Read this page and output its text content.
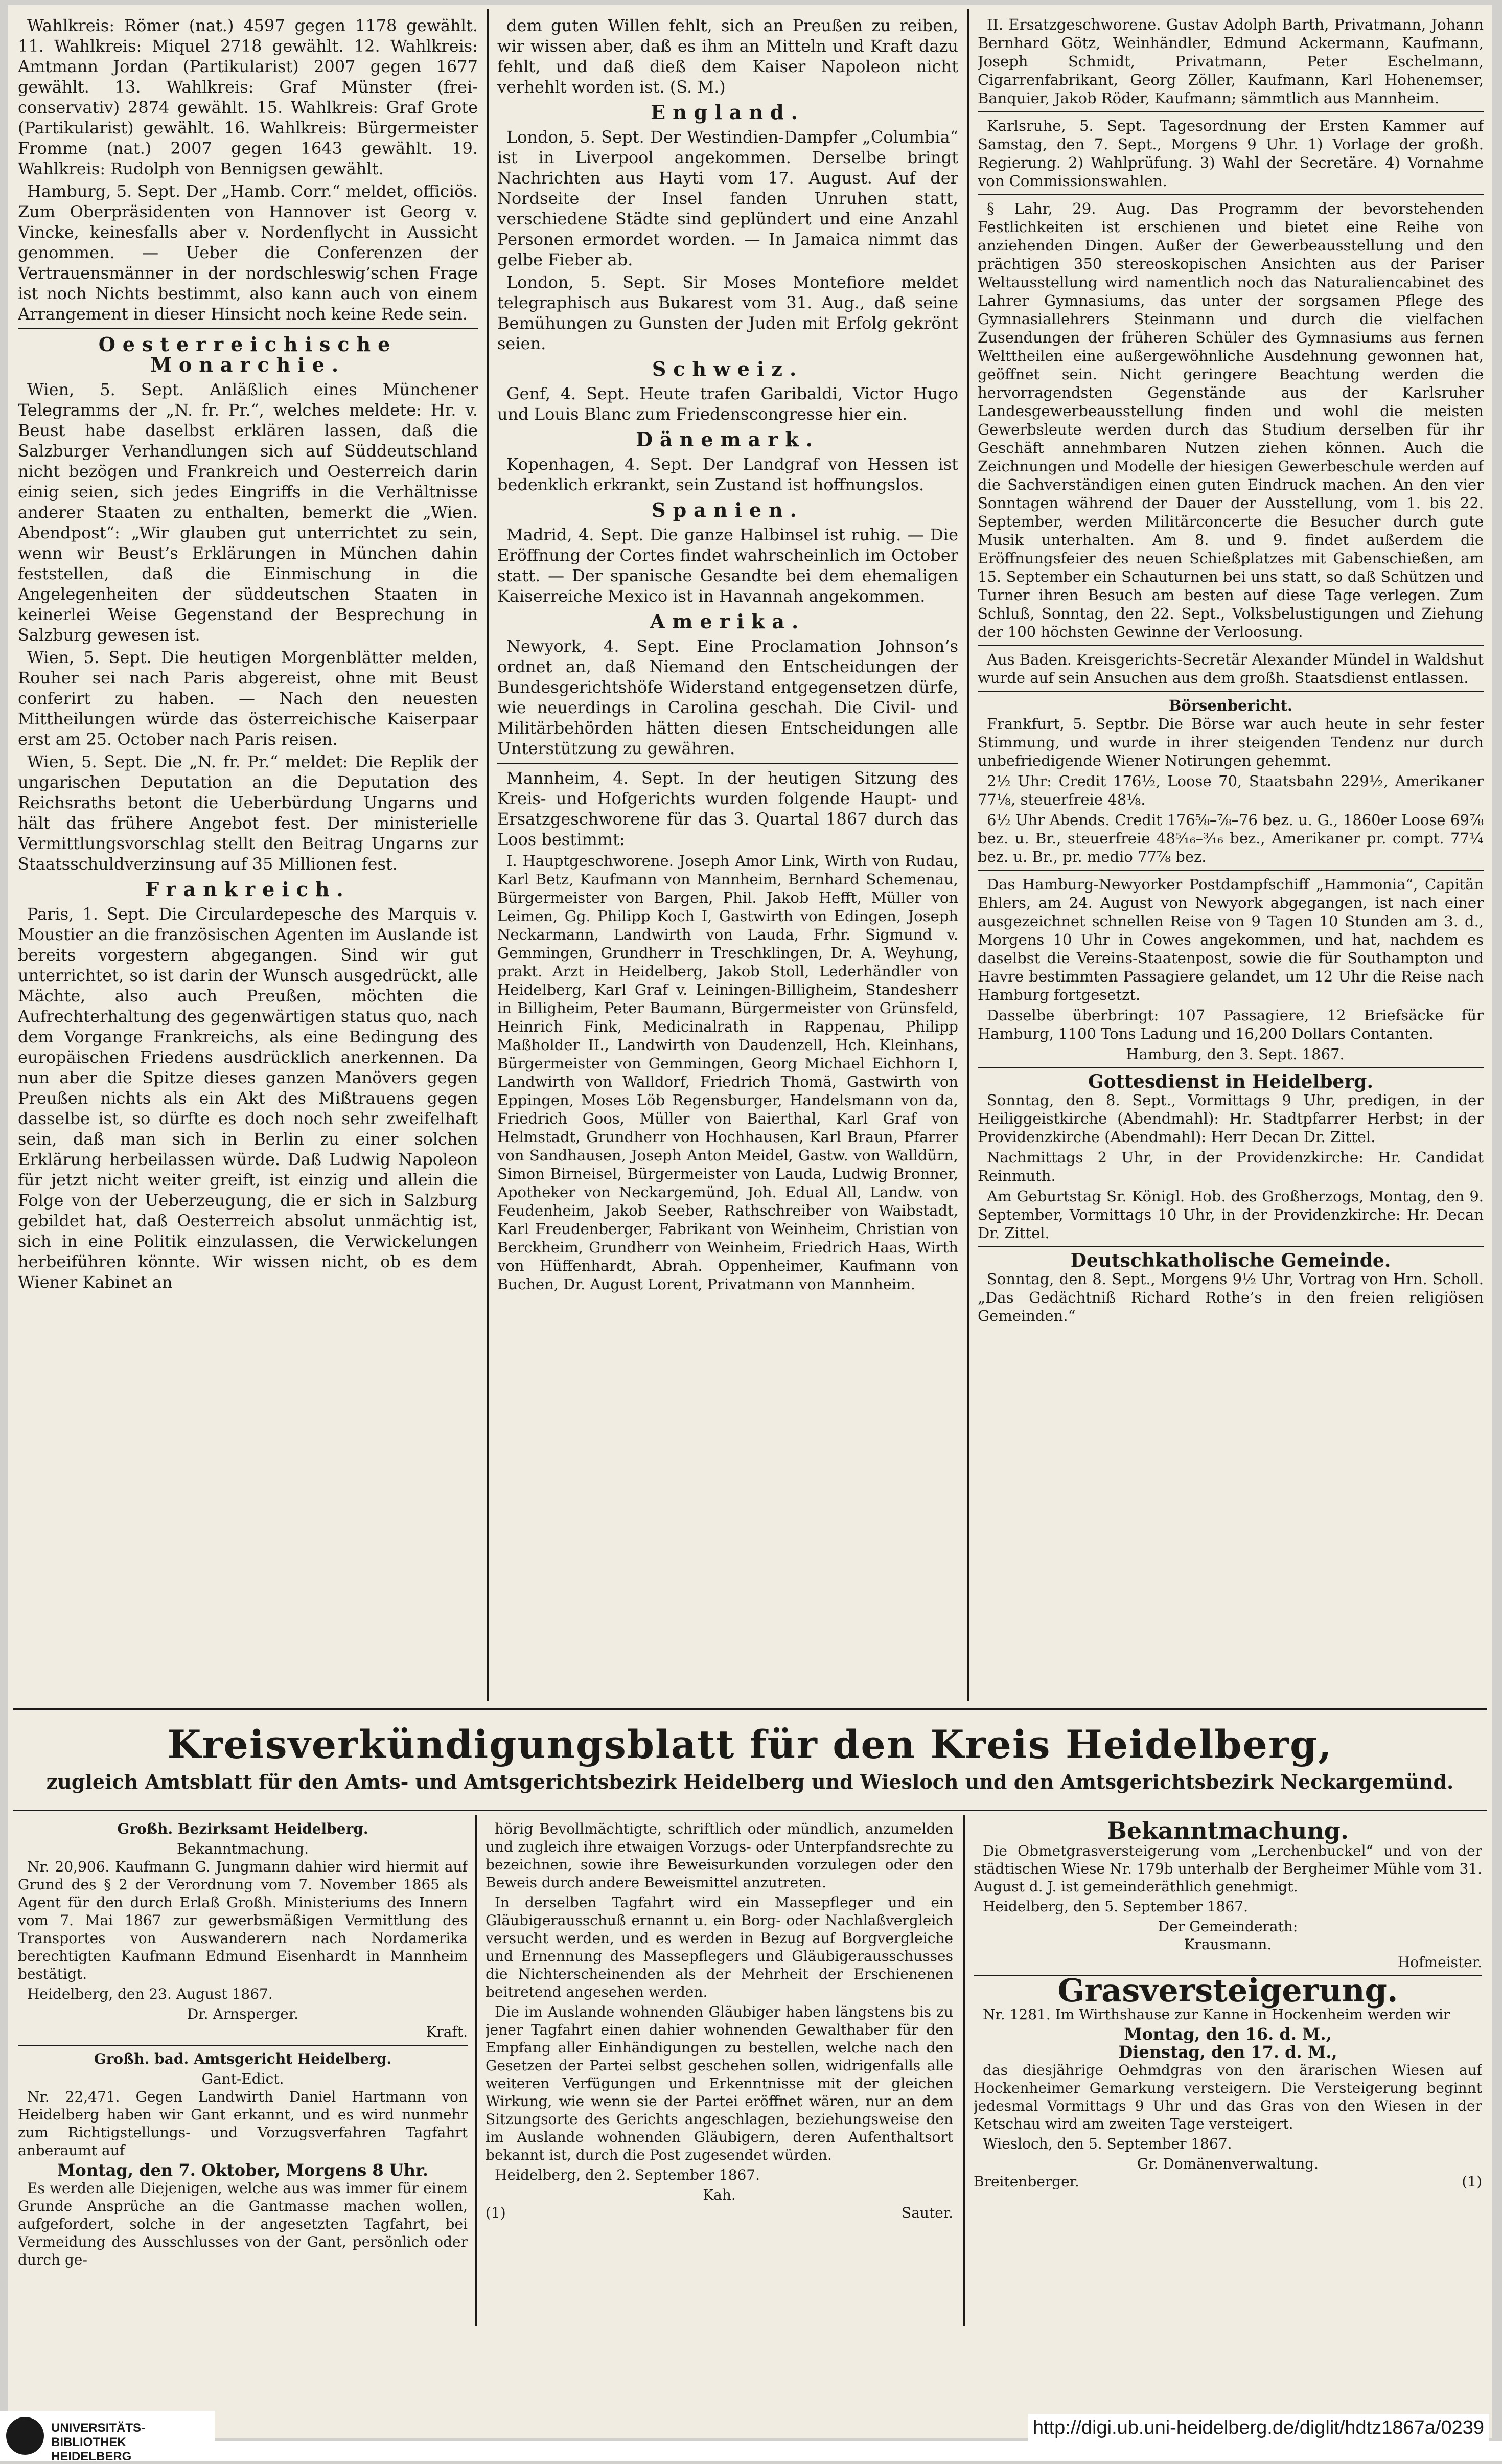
Wahlkreis: Römer (nat.) 4597 gegen 1178 gewählt. 11. Wahlkreis: Miquel 2718 gewählt. 12. Wahlkreis: Amtmann Jordan (Partikularist) 2007 gegen 1677 gewählt. 13. Wahlkreis: Graf Münster (frei-conservativ) 2874 gewählt. 15. Wahlkreis: Graf Grote (Partikularist) gewählt. 16. Wahlkreis: Bürgermeister Fromme (nat.) 2007 gegen 1643 gewählt. 19. Wahlkreis: Rudolph von Bennigsen gewählt.

Hamburg, 5. Sept. Der „Hamb. Corr.“ meldet, officiös. Zum Oberpräsidenten von Hannover ist Georg v. Vincke, keinesfalls aber v. Nordenflycht in Aussicht genommen. — Ueber die Conferenzen der Vertrauensmänner in der nordschleswig’schen Frage ist noch Nichts bestimmt, also kann auch von einem Arrangement in dieser Hinsicht noch keine Rede sein.

Oesterreichische Monarchie.

Wien, 5. Sept. Anläßlich eines Münchener Telegramms der „N. fr. Pr.“, welches meldete: Hr. v. Beust habe daselbst erklären lassen, daß die Salzburger Verhandlungen sich auf Süddeutschland nicht bezögen und Frankreich und Oesterreich darin einig seien, sich jedes Eingriffs in die Verhältnisse anderer Staaten zu enthalten, bemerkt die „Wien. Abendpost“: „Wir glauben gut unterrichtet zu sein, wenn wir Beust’s Erklärungen in München dahin feststellen, daß die Einmischung in die Angelegenheiten der süddeutschen Staaten in keinerlei Weise Gegenstand der Besprechung in Salzburg gewesen ist.

Wien, 5. Sept. Die heutigen Morgenblätter melden, Rouher sei nach Paris abgereist, ohne mit Beust conferirt zu haben. — Nach den neuesten Mittheilungen würde das österreichische Kaiserpaar erst am 25. October nach Paris reisen.

Wien, 5. Sept. Die „N. fr. Pr.“ meldet: Die Replik der ungarischen Deputation an die Deputation des Reichsraths betont die Ueberbürdung Ungarns und hält das frühere Angebot fest. Der ministerielle Vermittlungsvorschlag stellt den Beitrag Ungarns zur Staatsschuldverzinsung auf 35 Millionen fest.

Frankreich.

Paris, 1. Sept. Die Circulardepesche des Marquis v. Moustier an die französischen Agenten im Auslande ist bereits vorgestern abgegangen. Sind wir gut unterrichtet, so ist darin der Wunsch ausgedrückt, alle Mächte, also auch Preußen, möchten die Aufrechterhaltung des gegenwärtigen status quo, nach dem Vorgange Frankreichs, als eine Bedingung des europäischen Friedens ausdrücklich anerkennen. Da nun aber die Spitze dieses ganzen Manövers gegen Preußen nichts als ein Akt des Mißtrauens gegen dasselbe ist, so dürfte es doch noch sehr zweifelhaft sein, daß man sich in Berlin zu einer solchen Erklärung herbeilassen würde. Daß Ludwig Napoleon für jetzt nicht weiter greift, ist einzig und allein die Folge von der Ueberzeugung, die er sich in Salzburg gebildet hat, daß Oesterreich absolut unmächtig ist, sich in eine Politik einzulassen, die Verwickelungen herbeiführen könnte. Wir wissen nicht, ob es dem Wiener Kabinet an

dem guten Willen fehlt, sich an Preußen zu reiben, wir wissen aber, daß es ihm an Mitteln und Kraft dazu fehlt, und daß dieß dem Kaiser Napoleon nicht verhehlt worden ist. (S. M.)

England.

London, 5. Sept. Der Westindien-Dampfer „Columbia“ ist in Liverpool angekommen. Derselbe bringt Nachrichten aus Hayti vom 17. August. Auf der Nordseite der Insel fanden Unruhen statt, verschiedene Städte sind geplündert und eine Anzahl Personen ermordet worden. — In Jamaica nimmt das gelbe Fieber ab.

London, 5. Sept. Sir Moses Montefiore meldet telegraphisch aus Bukarest vom 31. Aug., daß seine Bemühungen zu Gunsten der Juden mit Erfolg gekrönt seien.

Schweiz.

Genf, 4. Sept. Heute trafen Garibaldi, Victor Hugo und Louis Blanc zum Friedenscongresse hier ein.

Dänemark.

Kopenhagen, 4. Sept. Der Landgraf von Hessen ist bedenklich erkrankt, sein Zustand ist hoffnungslos.

Spanien.

Madrid, 4. Sept. Die ganze Halbinsel ist ruhig. — Die Eröffnung der Cortes findet wahrscheinlich im October statt. — Der spanische Gesandte bei dem ehemaligen Kaiserreiche Mexico ist in Havannah angekommen.

Amerika.

Newyork, 4. Sept. Eine Proclamation Johnson’s ordnet an, daß Niemand den Entscheidungen der Bundesgerichtshöfe Widerstand entgegensetzen dürfe, wie neuerdings in Carolina geschah. Die Civil- und Militärbehörden hätten diesen Entscheidungen alle Unterstützung zu gewähren.

Mannheim, 4. Sept. In der heutigen Sitzung des Kreis- und Hofgerichts wurden folgende Haupt- und Ersatzgeschworene für das 3. Quartal 1867 durch das Loos bestimmt:

I. Hauptgeschworene. Joseph Amor Link, Wirth von Rudau, Karl Betz, Kaufmann von Mannheim, Bernhard Schemenau, Bürgermeister von Bargen, Phil. Jakob Hefft, Müller von Leimen, Gg. Philipp Koch I, Gastwirth von Edingen, Joseph Neckarmann, Landwirth von Lauda, Frhr. Sigmund v. Gemmingen, Grundherr in Treschklingen, Dr. A. Weyhung, prakt. Arzt in Heidelberg, Jakob Stoll, Lederhändler von Heidelberg, Karl Graf v. Leiningen-Billigheim, Standesherr in Billigheim, Peter Baumann, Bürgermeister von Grünsfeld, Heinrich Fink, Medicinalrath in Rappenau, Philipp Maßholder II., Landwirth von Daudenzell, Hch. Kleinhans, Bürgermeister von Gemmingen, Georg Michael Eichhorn I, Landwirth von Walldorf, Friedrich Thomä, Gastwirth von Eppingen, Moses Löb Regensburger, Handelsmann von da, Friedrich Goos, Müller von Baierthal, Karl Graf von Helmstadt, Grundherr von Hochhausen, Karl Braun, Pfarrer von Sandhausen, Joseph Anton Meidel, Gastw. von Walldürn, Simon Birneisel, Bürgermeister von Lauda, Ludwig Bronner, Apotheker von Neckargemünd, Joh. Edual All, Landw. von Feudenheim, Jakob Seeber, Rathschreiber von Waibstadt, Karl Freudenberger, Fabrikant von Weinheim, Christian von Berckheim, Grundherr von Weinheim, Friedrich Haas, Wirth von Hüffenhardt, Abrah. Oppenheimer, Kaufmann von Buchen, Dr. August Lorent, Privatmann von Mannheim.

II. Ersatzgeschworene. Gustav Adolph Barth, Privatmann, Johann Bernhard Götz, Weinhändler, Edmund Ackermann, Kaufmann, Joseph Schmidt, Privatmann, Peter Eschelmann, Cigarrenfabrikant, Georg Zöller, Kaufmann, Karl Hohenemser, Banquier, Jakob Röder, Kaufmann; sämmtlich aus Mannheim.

Karlsruhe, 5. Sept. Tagesordnung der Ersten Kammer auf Samstag, den 7. Sept., Morgens 9 Uhr. 1) Vorlage der großh. Regierung. 2) Wahlprüfung. 3) Wahl der Secretäre. 4) Vornahme von Commissionswahlen.

§ Lahr, 29. Aug. Das Programm der bevorstehenden Festlichkeiten ist erschienen und bietet eine Reihe von anziehenden Dingen. Außer der Gewerbeausstellung und den prächtigen 350 stereoskopischen Ansichten aus der Pariser Weltausstellung wird namentlich noch das Naturaliencabinet des Lahrer Gymnasiums, das unter der sorgsamen Pflege des Gymnasiallehrers Steinmann und durch die vielfachen Zusendungen der früheren Schüler des Gymnasiums aus fernen Welttheilen eine außergewöhnliche Ausdehnung gewonnen hat, geöffnet sein. Nicht geringere Beachtung werden die hervorragendsten Gegenstände aus der Karlsruher Landesgewerbeausstellung finden und wohl die meisten Gewerbsleute werden durch das Studium derselben für ihr Geschäft annehmbaren Nutzen ziehen können. Auch die Zeichnungen und Modelle der hiesigen Gewerbeschule werden auf die Sachverständigen einen guten Eindruck machen. An den vier Sonntagen während der Dauer der Ausstellung, vom 1. bis 22. September, werden Militärconcerte die Besucher durch gute Musik unterhalten. Am 8. und 9. findet außerdem die Eröffnungsfeier des neuen Schießplatzes mit Gabenschießen, am 15. September ein Schauturnen bei uns statt, so daß Schützen und Turner ihren Besuch am besten auf diese Tage verlegen. Zum Schluß, Sonntag, den 22. Sept., Volksbelustigungen und Ziehung der 100 höchsten Gewinne der Verloosung.

Aus Baden. Kreisgerichts-Secretär Alexander Mündel in Waldshut wurde auf sein Ansuchen aus dem großh. Staatsdienst entlassen.

Börsenbericht.

Frankfurt, 5. Septbr. Die Börse war auch heute in sehr fester Stimmung, und wurde in ihrer steigenden Tendenz nur durch unbefriedigende Wiener Notirungen gehemmt.

2½ Uhr: Credit 176½, Loose 70, Staatsbahn 229½, Amerikaner 77⅛, steuerfreie 48⅛.

6½ Uhr Abends. Credit 176⅝–⅞–76 bez. u. G., 1860er Loose 69⅞ bez. u. Br., steuerfreie 48⁵⁄₁₆–³⁄₁₆ bez., Amerikaner pr. compt. 77¼ bez. u. Br., pr. medio 77⅞ bez.

Das Hamburg-Newyorker Postdampfschiff „Hammonia“, Capitän Ehlers, am 24. August von Newyork abgegangen, ist nach einer ausgezeichnet schnellen Reise von 9 Tagen 10 Stunden am 3. d., Morgens 10 Uhr in Cowes angekommen, und hat, nachdem es daselbst die Vereins-Staatenpost, sowie die für Southampton und Havre bestimmten Passagiere gelandet, um 12 Uhr die Reise nach Hamburg fortgesetzt.

Dasselbe überbringt: 107 Passagiere, 12 Briefsäcke für Hamburg, 1100 Tons Ladung und 16,200 Dollars Contanten.

Hamburg, den 3. Sept. 1867.

Gottesdienst in Heidelberg.

Sonntag, den 8. Sept., Vormittags 9 Uhr, predigen, in der Heiliggeistkirche (Abendmahl): Hr. Stadtpfarrer Herbst; in der Providenzkirche (Abendmahl): Herr Decan Dr. Zittel.

Nachmittags 2 Uhr, in der Providenzkirche: Hr. Candidat Reinmuth.

Am Geburtstag Sr. Königl. Hob. des Großherzogs, Montag, den 9. September, Vormittags 10 Uhr, in der Providenzkirche: Hr. Decan Dr. Zittel.

Deutschkatholische Gemeinde.

Sonntag, den 8. Sept., Morgens 9½ Uhr, Vortrag von Hrn. Scholl. „Das Gedächtniß Richard Rothe’s in den freien religiösen Gemeinden.“

Kreisverkündigungsblatt für den Kreis Heidelberg,
zugleich Amtsblatt für den Amts- und Amtsgerichtsbezirk Heidelberg und Wiesloch und den Amtsgerichtsbezirk Neckargemünd.
Großh. Bezirksamt Heidelberg.
Bekanntmachung.

Nr. 20,906. Kaufmann G. Jungmann dahier wird hiermit auf Grund des § 2 der Verordnung vom 7. November 1865 als Agent für den durch Erlaß Großh. Ministeriums des Innern vom 7. Mai 1867 zur gewerbsmäßigen Vermittlung des Transportes von Auswanderern nach Nordamerika berechtigten Kaufmann Edmund Eisenhardt in Mannheim bestätigt.

Heidelberg, den 23. August 1867.

Dr. Arnsperger.
Kraft.
Großh. bad. Amtsgericht Heidelberg.
Gant-Edict.

Nr. 22,471. Gegen Landwirth Daniel Hartmann von Heidelberg haben wir Gant erkannt, und es wird nunmehr zum Richtigstellungs- und Vorzugsverfahren Tagfahrt anberaumt auf

Montag, den 7. Oktober, Morgens 8 Uhr.

Es werden alle Diejenigen, welche aus was immer für einem Grunde Ansprüche an die Gantmasse machen wollen, aufgefordert, solche in der angesetzten Tagfahrt, bei Vermeidung des Ausschlusses von der Gant, persönlich oder durch ge-

hörig Bevollmächtigte, schriftlich oder mündlich, anzumelden und zugleich ihre etwaigen Vorzugs- oder Unterpfandsrechte zu bezeichnen, sowie ihre Beweisurkunden vorzulegen oder den Beweis durch andere Beweismittel anzutreten.

In derselben Tagfahrt wird ein Massepfleger und ein Gläubigerausschuß ernannt u. ein Borg- oder Nachlaßvergleich versucht werden, und es werden in Bezug auf Borgvergleiche und Ernennung des Massepflegers und Gläubigerausschusses die Nichterscheinenden als der Mehrheit der Erschienenen beitretend angesehen werden.

Die im Auslande wohnenden Gläubiger haben längstens bis zu jener Tagfahrt einen dahier wohnenden Gewalthaber für den Empfang aller Einhändigungen zu bestellen, welche nach den Gesetzen der Partei selbst geschehen sollen, widrigenfalls alle weiteren Verfügungen und Erkenntnisse mit der gleichen Wirkung, wie wenn sie der Partei eröffnet wären, nur an dem Sitzungsorte des Gerichts angeschlagen, beziehungsweise den im Auslande wohnenden Gläubigern, deren Aufenthaltsort bekannt ist, durch die Post zugesendet würden.

Heidelberg, den 2. September 1867.

Kah.
(1)	Sauter.
Bekanntmachung.

Die Obmetgrasversteigerung vom „Lerchenbuckel“ und von der städtischen Wiese Nr. 179b unterhalb der Bergheimer Mühle vom 31. August d. J. ist gemeinderäthlich genehmigt.

Heidelberg, den 5. September 1867.

Der Gemeinderath:
Krausmann.
Hofmeister.
Grasversteigerung.

Nr. 1281. Im Wirthshause zur Kanne in Hockenheim werden wir

Montag, den 16. d. M.,
Dienstag, den 17. d. M.,

das diesjährige Oehmdgras von den ärarischen Wiesen auf Hockenheimer Gemarkung versteigern. Die Versteigerung beginnt jedesmal Vormittags 9 Uhr und das Gras von den Wiesen in der Ketschau wird am zweiten Tage versteigert.

Wiesloch, den 5. September 1867.

Gr. Domänenverwaltung.
Breitenberger.	(1)
UNIVERSITÄTS-
BIBLIOTHEK
HEIDELBERG
http://digi.ub.uni-heidelberg.de/diglit/hdtz1867a/0239
